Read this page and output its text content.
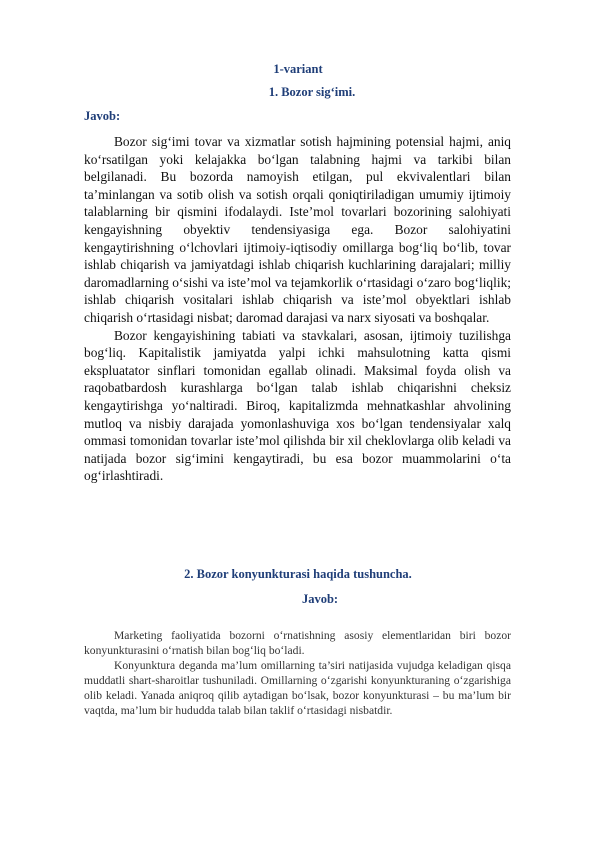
1-variant
1. Bozor sig‘imi.
Javob:

Bozor sig‘imi tovar va xizmatlar sotish hajmining potensial hajmi, aniq ko‘rsatilgan yoki kelajakka bo‘lgan talabning hajmi va tarkibi bilan belgilanadi. Bu bozorda namoyish etilgan, pul ekvivalentlari bilan ta’minlangan va sotib olish va sotish orqali qoniqtiriladigan umumiy ijtimoiy talablarning bir qismini ifodalaydi. Iste’mol tovarlari bozorining salohiyati kengayishning obyektiv tendensiyasiga ega. Bozor salohiyatini kengaytirishning o‘lchovlari ijtimoiy-iqtisodiy omillarga bog‘liq bo‘lib, tovar ishlab chiqarish va jamiyatdagi ishlab chiqarish kuchlarining darajalari; milliy daromadlarning o‘sishi va iste’mol va tejamkorlik o‘rtasidagi o‘zaro bog‘liqlik; ishlab chiqarish vositalari ishlab chiqarish va iste’mol obyektlari ishlab chiqarish o‘rtasidagi nisbat; daromad darajasi va narx siyosati va boshqalar.

Bozor kengayishining tabiati va stavkalari, asosan, ijtimoiy tuzilishga bog‘liq. Kapitalistik jamiyatda yalpi ichki mahsulotning katta qismi ekspluatator sinflari tomonidan egallab olinadi. Maksimal foyda olish va raqobatbardosh kurashlarga bo‘lgan talab ishlab chiqarishni cheksiz kengaytirishga yo‘naltiradi. Biroq, kapitalizmda mehnatkashlar ahvolining mutloq va nisbiy darajada yomonlashuviga xos bo‘lgan tendensiyalar xalq ommasi tomonidan tovarlar iste’mol qilishda bir xil cheklovlarga olib keladi va natijada bozor sig‘imini kengaytiradi, bu esa bozor muammolarini o‘ta og‘irlashtiradi.

2. Bozor konyunkturasi haqida tushuncha.
Javob:

Marketing faoliyatida bozorni o‘rnatishning asosiy elementlaridan biri bozor konyunkturasini o‘rnatish bilan bog‘liq bo‘ladi.

Konyunktura deganda ma’lum omillarning ta’siri natijasida vujudga keladigan qisqa muddatli shart-sharoitlar tushuniladi. Omillarning o‘zgarishi konyunkturaning o‘zgarishiga olib keladi. Yanada aniqroq qilib aytadigan bo‘lsak, bozor konyunkturasi – bu ma’lum bir vaqtda, ma’lum bir hududda talab bilan taklif o‘rtasidagi nisbatdir.
